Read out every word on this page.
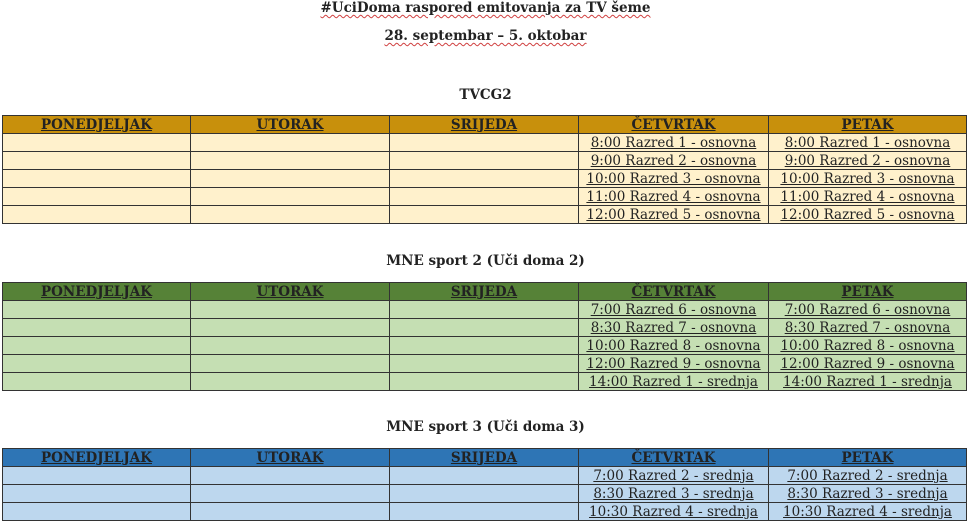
#UciDoma raspored emitovanja za TV šeme
28. septembar – 5. oktobar
TVCG2
PONEDJELJAK	UTORAK	SRIJEDA	ČETVRTAK	PETAK
			8:00 Razred 1 - osnovna	8:00 Razred 1 - osnovna
			9:00 Razred 2 - osnovna	9:00 Razred 2 - osnovna
			10:00 Razred 3 - osnovna	10:00 Razred 3 - osnovna
			11:00 Razred 4 - osnovna	11:00 Razred 4 - osnovna
			12:00 Razred 5 - osnovna	12:00 Razred 5 - osnovna
MNE sport 2 (Uči doma 2)
PONEDJELJAK	UTORAK	SRIJEDA	ČETVRTAK	PETAK
			7:00 Razred 6 - osnovna	7:00 Razred 6 - osnovna
			8:30 Razred 7 - osnovna	8:30 Razred 7 - osnovna
			10:00 Razred 8 - osnovna	10:00 Razred 8 - osnovna
			12:00 Razred 9 - osnovna	12:00 Razred 9 - osnovna
			14:00 Razred 1 - srednja	14:00 Razred 1 - srednja
MNE sport 3 (Uči doma 3)
PONEDJELJAK	UTORAK	SRIJEDA	ČETVRTAK	PETAK
			7:00 Razred 2 - srednja	7:00 Razred 2 - srednja
			8:30 Razred 3 - srednja	8:30 Razred 3 - srednja
			10:30 Razred 4 - srednja	10:30 Razred 4 - srednja
